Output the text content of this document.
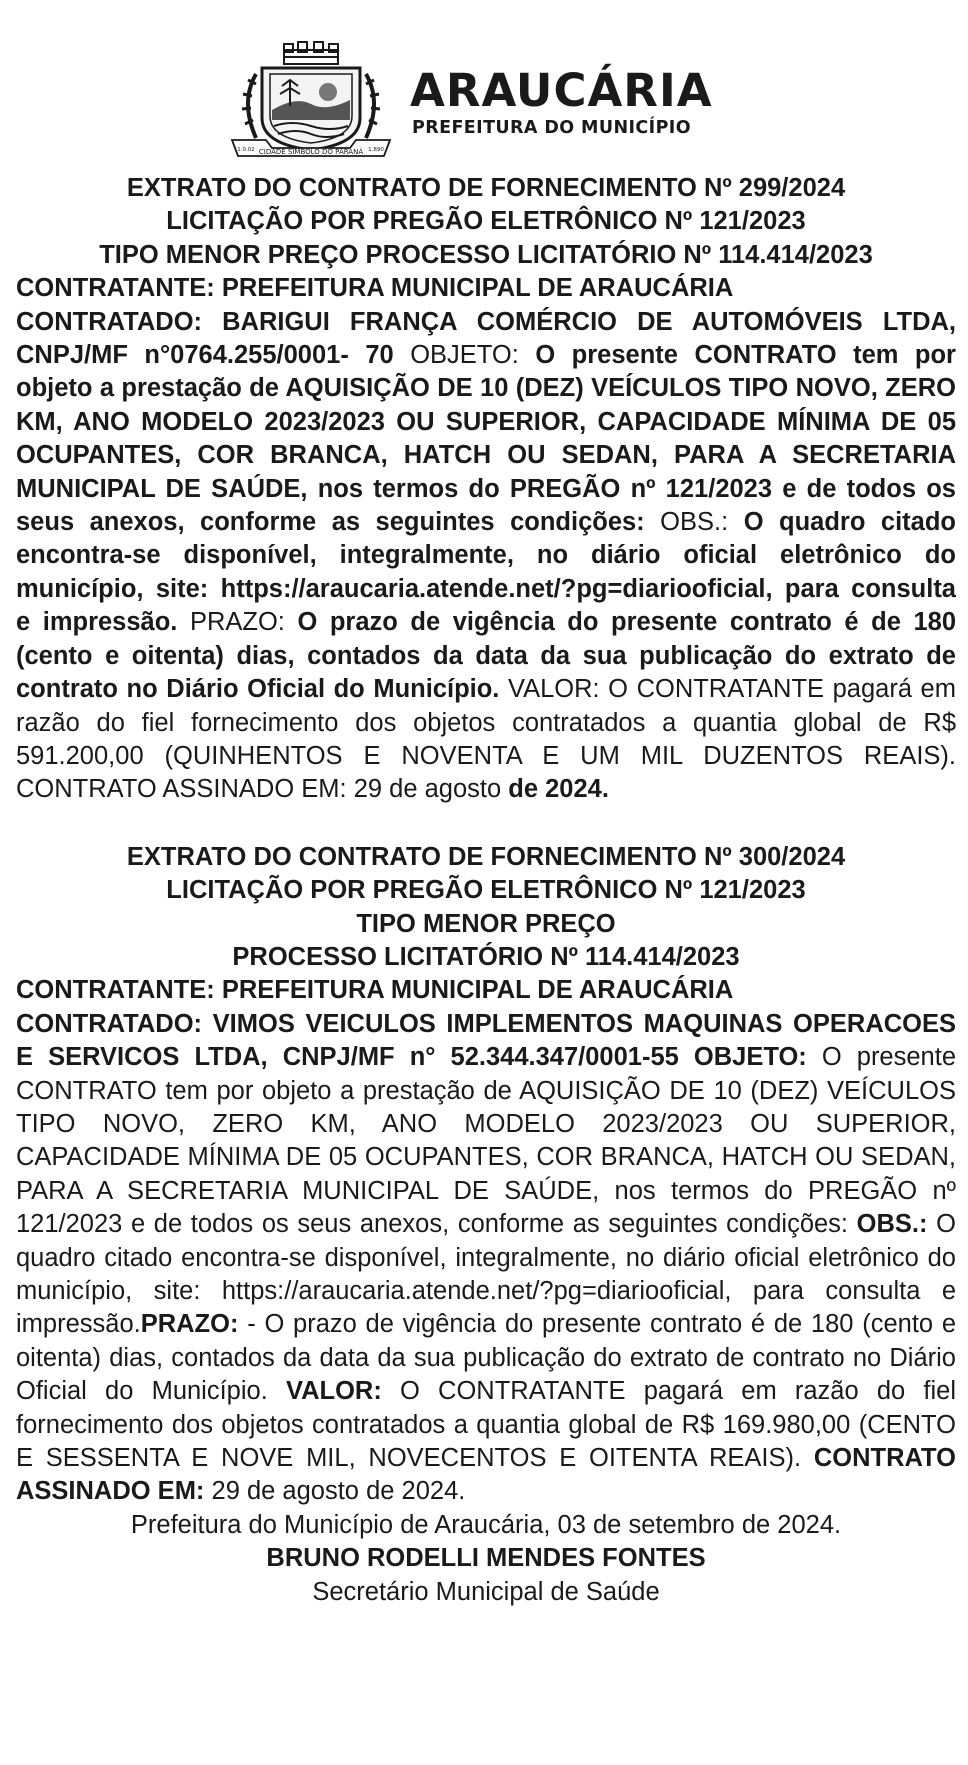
CIDADE SÍMBOLO DO PARANÁ
1.0.02	1.890
ARAUCÁRIA
PREFEITURA DO MUNICÍPIO
EXTRATO DO CONTRATO DE FORNECIMENTO Nº 299/2024
LICITAÇÃO POR PREGÃO ELETRÔNICO Nº 121/2023
TIPO MENOR PREÇO PROCESSO LICITATÓRIO Nº 114.414/2023
CONTRATANTE: PREFEITURA MUNICIPAL DE ARAUCÁRIA
CONTRATADO: BARIGUI FRANÇA COMÉRCIO DE AUTOMÓVEIS LTDA, CNPJ/MF n°0764.255/0001- 70 OBJETO: O presente CONTRATO tem por objeto a prestação de AQUISIÇÃO DE 10 (DEZ) VEÍCULOS TIPO NOVO, ZERO KM, ANO MODELO 2023/2023 OU SUPERIOR, CAPACIDADE MÍNIMA DE 05 OCUPANTES, COR BRANCA, HATCH OU SEDAN, PARA A SECRETARIA MUNICIPAL DE SAÚDE, nos termos do PREGÃO nº 121/2023 e de todos os seus anexos, conforme as seguintes condições: OBS.: O quadro citado encontra-se disponível, integralmente, no diário oficial eletrônico do município, site: https://araucaria.atende.net/?pg=diariooficial, para consulta e impressão. PRAZO: O prazo de vigência do presente contrato é de 180 (cento e oitenta) dias, contados da data da sua publicação do extrato de contrato no Diário Oficial do Município. VALOR: O CONTRATANTE pagará em razão do fiel fornecimento dos objetos contratados a quantia global de R$ 591.200,00 (QUINHENTOS E NOVENTA E UM MIL DUZENTOS REAIS). CONTRATO ASSINADO EM: 29 de agosto de 2024.
EXTRATO DO CONTRATO DE FORNECIMENTO Nº 300/2024
LICITAÇÃO POR PREGÃO ELETRÔNICO Nº 121/2023
TIPO MENOR PREÇO
PROCESSO LICITATÓRIO Nº 114.414/2023
CONTRATANTE: PREFEITURA MUNICIPAL DE ARAUCÁRIA
CONTRATADO: VIMOS VEICULOS IMPLEMENTOS MAQUINAS OPERACOES E SERVICOS LTDA, CNPJ/MF n° 52.344.347/0001-55 OBJETO: O presente CONTRATO tem por objeto a prestação de AQUISIÇÃO DE 10 (DEZ) VEÍCULOS TIPO NOVO, ZERO KM, ANO MODELO 2023/2023 OU SUPERIOR, CAPACIDADE MÍNIMA DE 05 OCUPANTES, COR BRANCA, HATCH OU SEDAN, PARA A SECRETARIA MUNICIPAL DE SAÚDE, nos termos do PREGÃO nº 121/2023 e de todos os seus anexos, conforme as seguintes condições: OBS.: O quadro citado encontra-se disponível, integralmente, no diário oficial eletrônico do município, site: https://araucaria.atende.net/?pg=diariooficial, para consulta e impressão.PRAZO: - O prazo de vigência do presente contrato é de 180 (cento e oitenta) dias, contados da data da sua publicação do extrato de contrato no Diário Oficial do Município. VALOR: O CONTRATANTE pagará em razão do fiel fornecimento dos objetos contratados a quantia global de R$ 169.980,00 (CENTO E SESSENTA E NOVE MIL, NOVECENTOS E OITENTA REAIS). CONTRATO ASSINADO EM: 29 de agosto de 2024.
Prefeitura do Município de Araucária, 03 de setembro de 2024.
BRUNO RODELLI MENDES FONTES
Secretário Municipal de Saúde
